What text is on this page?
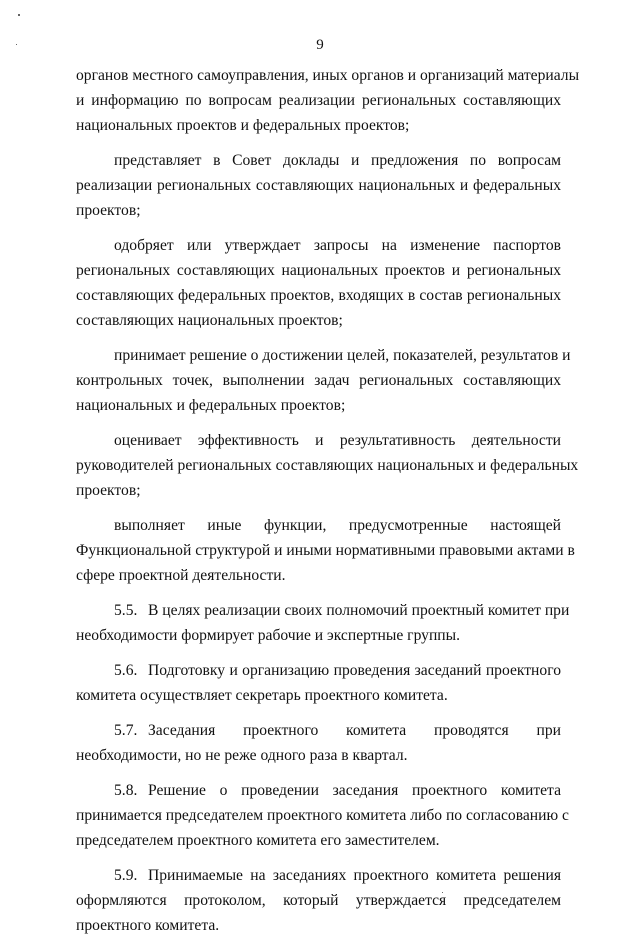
9

органов местного самоуправления, иных органов и организаций материалы
и информацию по вопросам реализации региональных составляющих
национальных проектов и федеральных проектов;

представляет в Совет доклады и предложения по вопросам
реализации региональных составляющих национальных и федеральных
проектов;

одобряет или утверждает запросы на изменение паспортов
региональных составляющих национальных проектов и региональных
составляющих федеральных проектов, входящих в состав региональных
составляющих национальных проектов;

принимает решение о достижении целей, показателей, результатов и
контрольных точек, выполнении задач региональных составляющих
национальных и федеральных проектов;

оценивает эффективность и результативность деятельности
руководителей региональных составляющих национальных и федеральных
проектов;

выполняет иные функции, предусмотренные настоящей
Функциональной структурой и иными нормативными правовыми актами в
сфере проектной деятельности.

5.5. В целях реализации своих полномочий проектный комитет при
необходимости формирует рабочие и экспертные группы.

5.6. Подготовку и организацию проведения заседаний проектного
комитета осуществляет секретарь проектного комитета.

5.7. Заседания проектного комитета проводятся при
необходимости, но не реже одного раза в квартал.

5.8. Решение о проведении заседания проектного комитета
принимается председателем проектного комитета либо по согласованию с
председателем проектного комитета его заместителем.

5.9. Принимаемые на заседаниях проектного комитета решения
оформляются протоколом, который утверждается председателем
проектного комитета.
